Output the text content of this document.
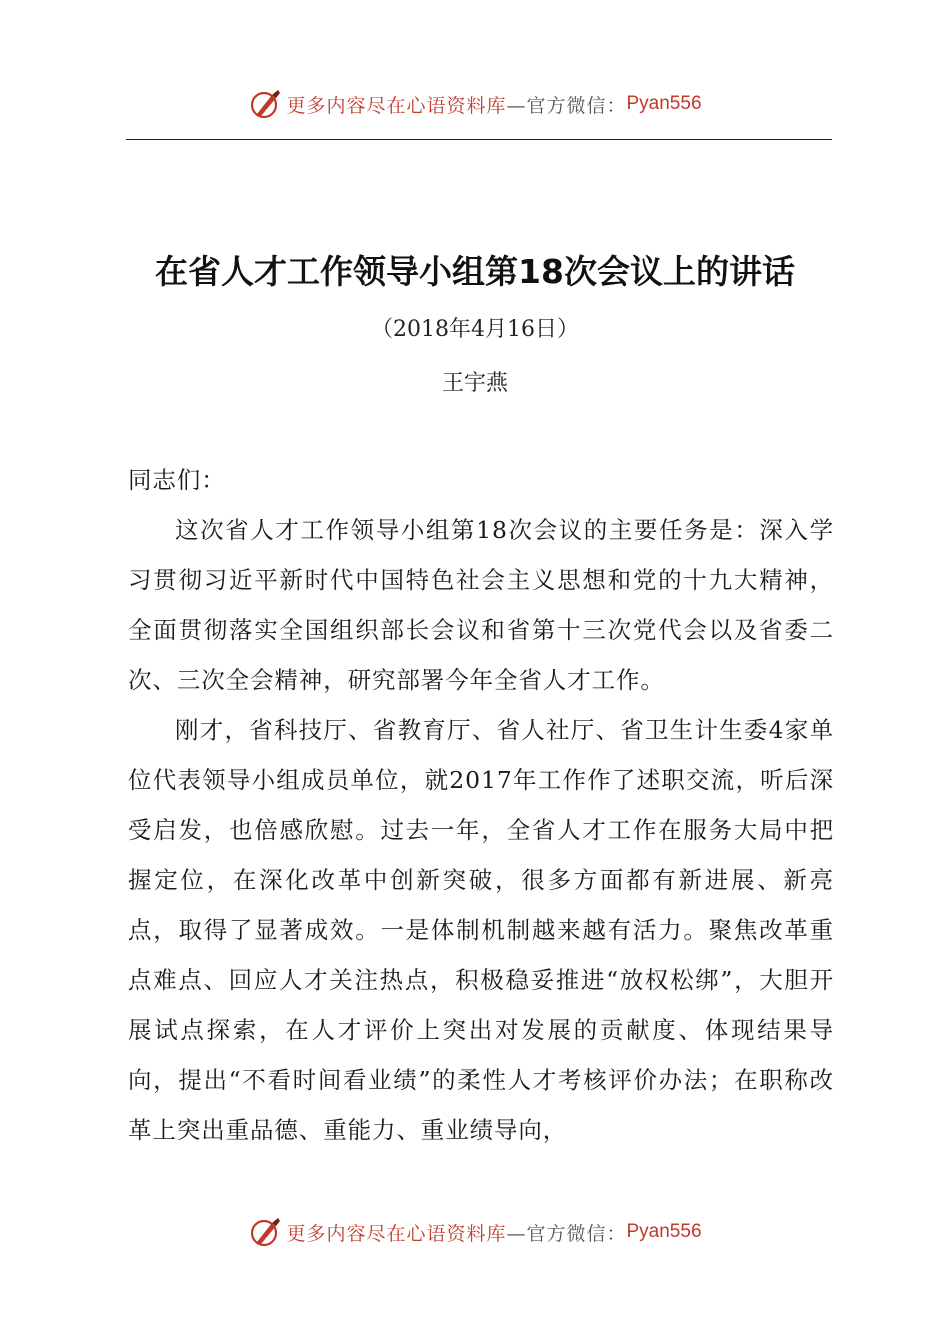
更多内容尽在心语资料库 —官方微信： Pyan556
在省人才工作领导小组第18次会议上的讲话
（2018年4月16日）
王宇燕

同志们：

这次省人才工作领导小组第18次会议的主要任务是：深入学习贯彻习近平新时代中国特色社会主义思想和党的十九大精神，全面贯彻落实全国组织部长会议和省第十三次党代会以及省委二次、三次全会精神，研究部署今年全省人才工作。

刚才，省科技厅、省教育厅、省人社厅、省卫生计生委4家单位代表领导小组成员单位，就2017年工作作了述职交流，听后深受启发，也倍感欣慰。过去一年，全省人才工作在服务大局中把握定位，在深化改革中创新突破，很多方面都有新进展、新亮点，取得了显著成效。一是体制机制越来越有活力。聚焦改革重点难点、回应人才关注热点，积极稳妥推进“放权松绑”，大胆开展试点探索，在人才评价上突出对发展的贡献度、体现结果导向，提出“不看时间看业绩”的柔性人才考核评价办法；在职称改革上突出重品德、重能力、重业绩导向，

更多内容尽在心语资料库 —官方微信： Pyan556
